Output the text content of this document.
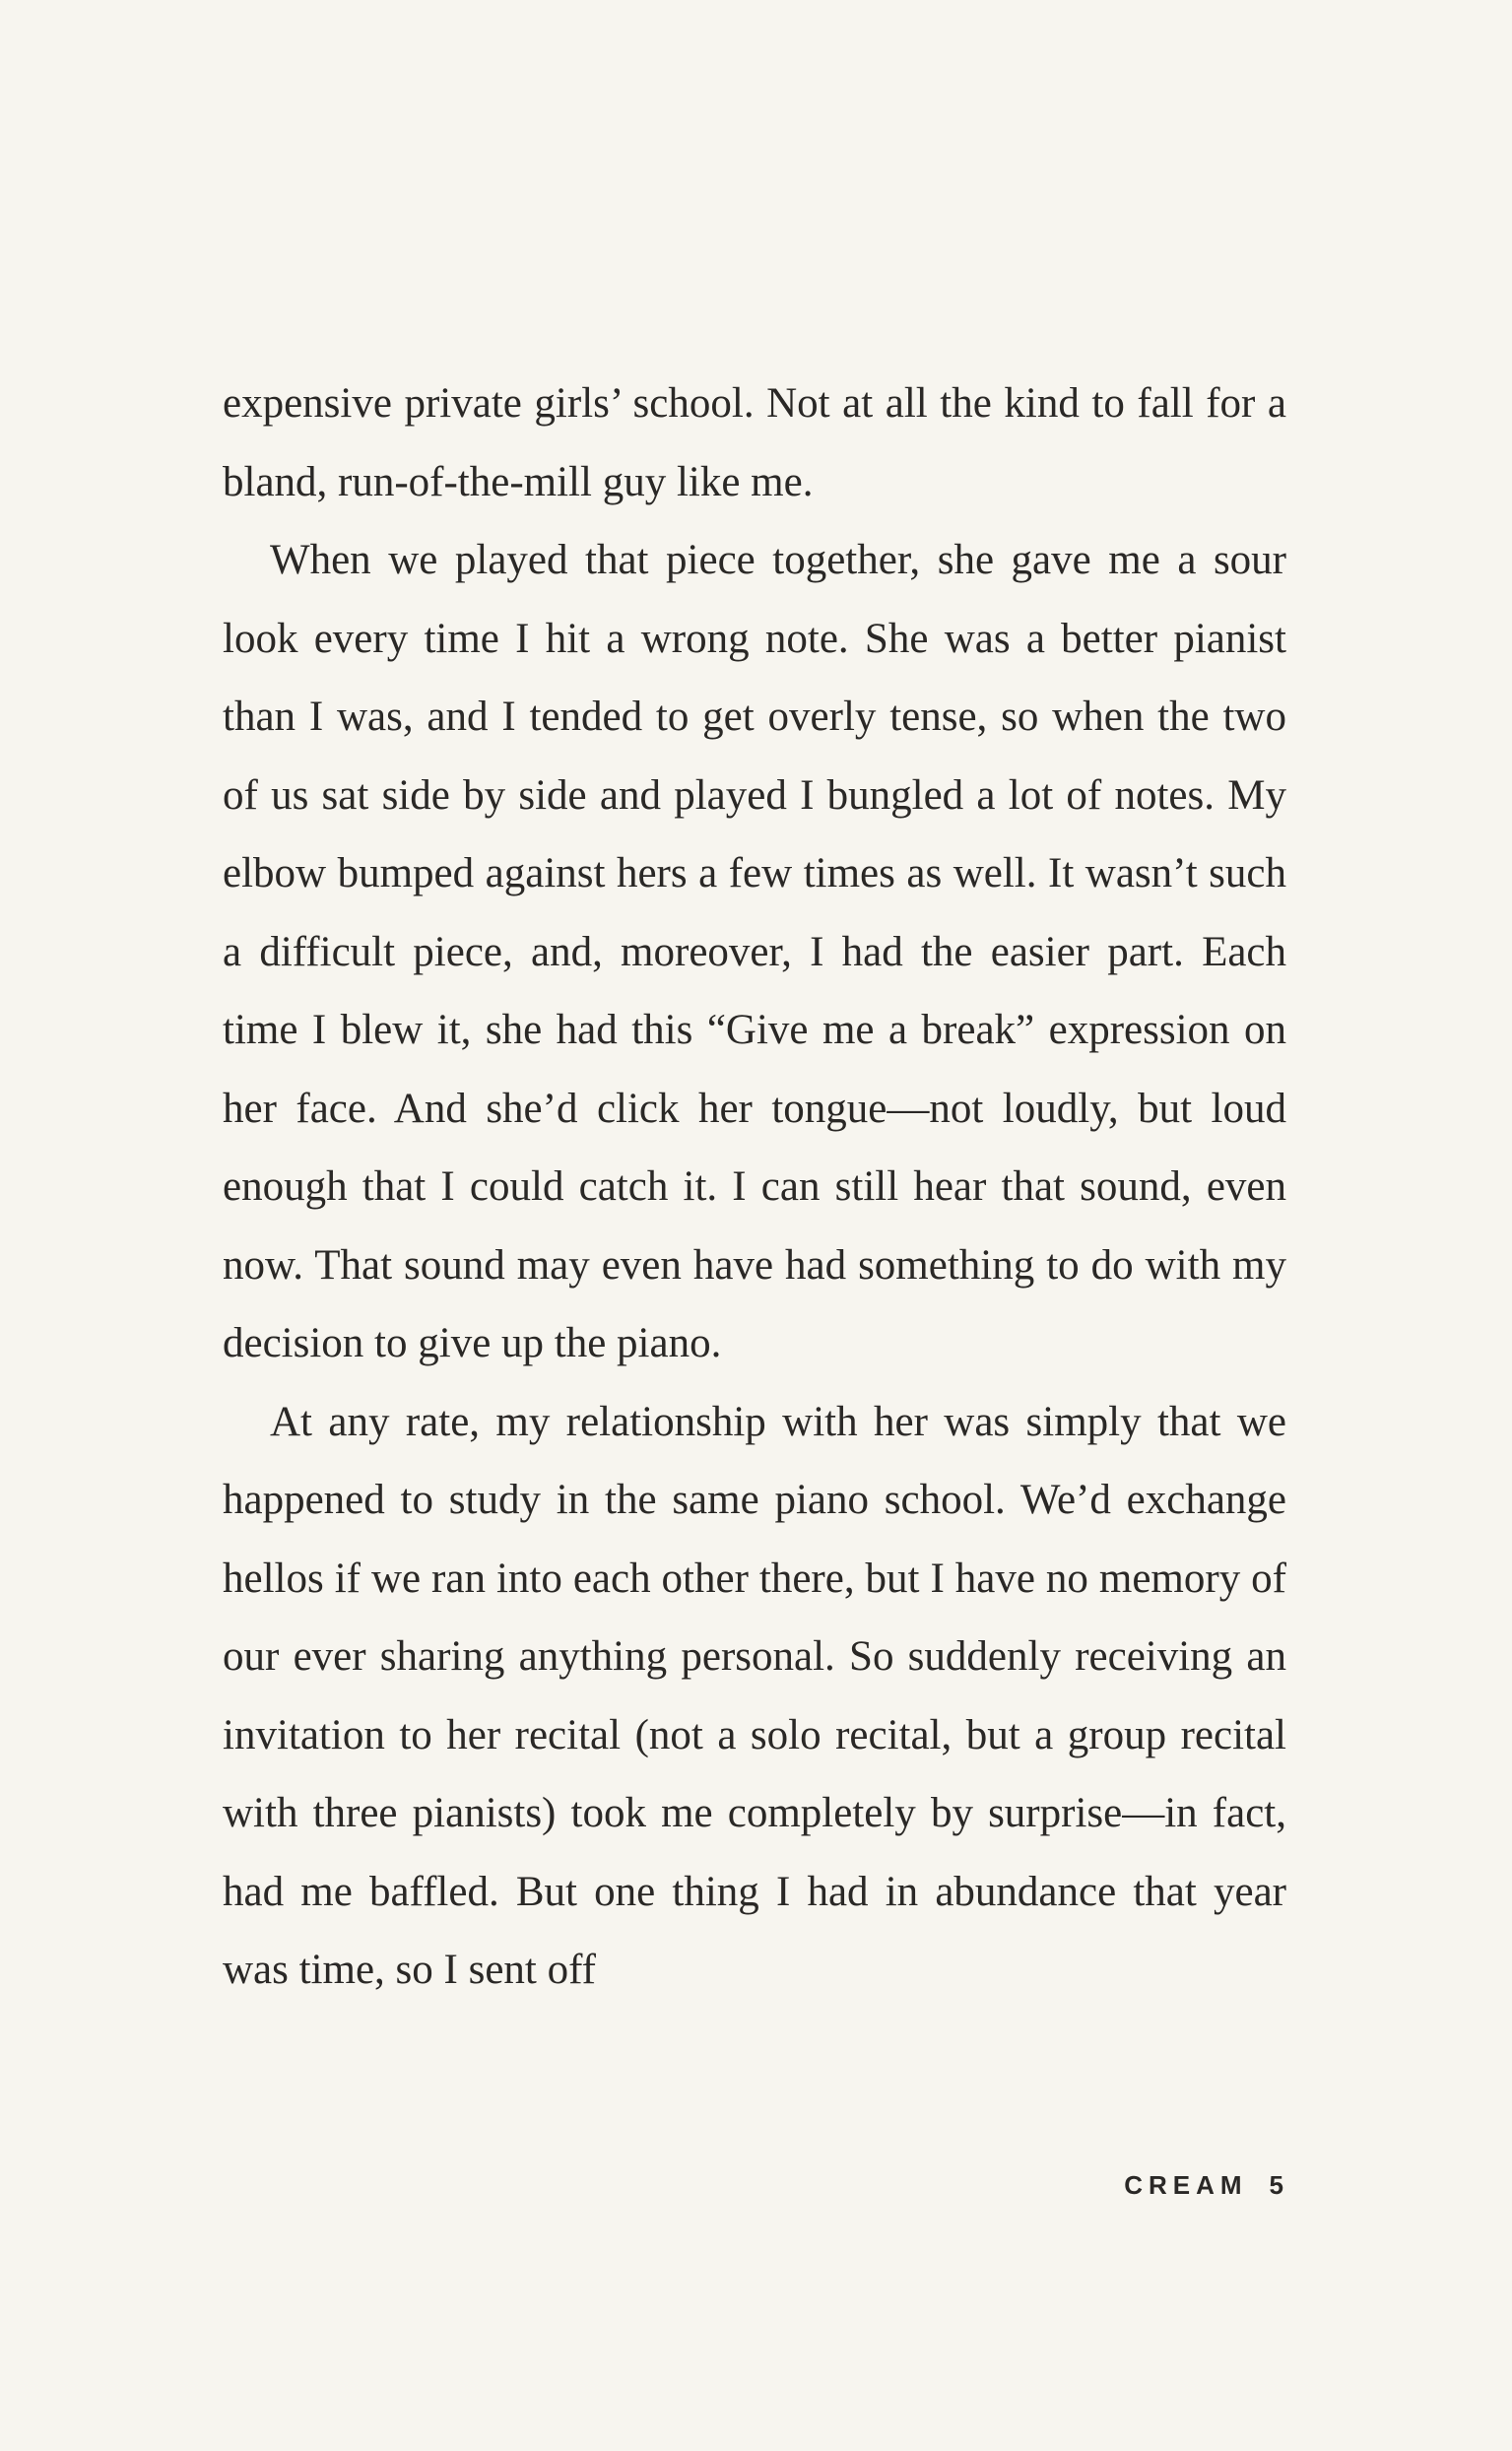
expensive private girls’ school. Not at all the kind to fall for a bland, run-of-the-mill guy like me.

When we played that piece together, she gave me a sour look every time I hit a wrong note. She was a better pianist than I was, and I tended to get overly tense, so when the two of us sat side by side and played I bungled a lot of notes. My elbow bumped against hers a few times as well. It wasn’t such a difficult piece, and, moreover, I had the easier part. Each time I blew it, she had this “Give me a break” expression on her face. And she’d click her tongue—not loudly, but loud enough that I could catch it. I can still hear that sound, even now. That sound may even have had something to do with my decision to give up the piano.

At any rate, my relationship with her was simply that we happened to study in the same piano school. We’d exchange hellos if we ran into each other there, but I have no memory of our ever sharing anything personal. So suddenly receiving an invitation to her recital (not a solo recital, but a group recital with three pianists) took me completely by surprise—in fact, had me baffled. But one thing I had in abundance that year was time, so I sent off

CREAM 5
